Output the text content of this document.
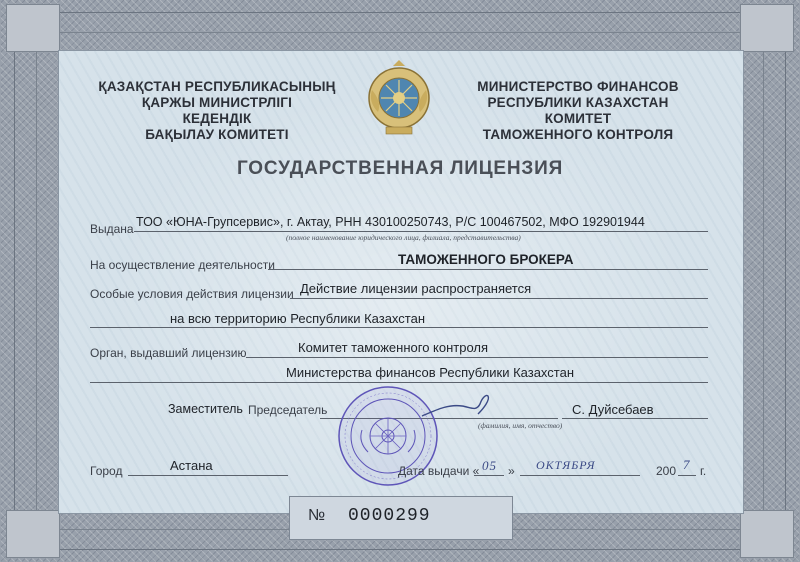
ҚАЗАҚСТАН РЕСПУБЛИКАСЫНЫҢ
ҚАРЖЫ МИНИСТРЛІГІ
КЕДЕНДІК
БАҚЫЛАУ КОМИТЕТІ
МИНИСТЕРСТВО ФИНАНСОВ
РЕСПУБЛИКИ КАЗАХСТАН
КОМИТЕТ
ТАМОЖЕННОГО КОНТРОЛЯ
ГОСУДАРСТВЕННАЯ ЛИЦЕНЗИЯ
Выдана ТОО «ЮНА-Групсервис», г. Актау, РНН 430100250743, Р/С 100467502, МФО 192901944
(полное наименование юридического лица, филиала, представительства)
На осуществление деятельности	ТАМОЖЕННОГО БРОКЕРА
Особые условия действия лицензии Действие лицензии распространяется
на всю территорию Республики Казахстан
Орган, выдавший лицензию	Комитет таможенного контроля
Министерства финансов Республики Казахстан
Заместитель Председатель	С. Дуйсебаев
(фамилия, имя, отчество)
Город	Астана	Дата выдачи « 05 » ОКТЯБРЯ	200 7 г.
№ 0000299
